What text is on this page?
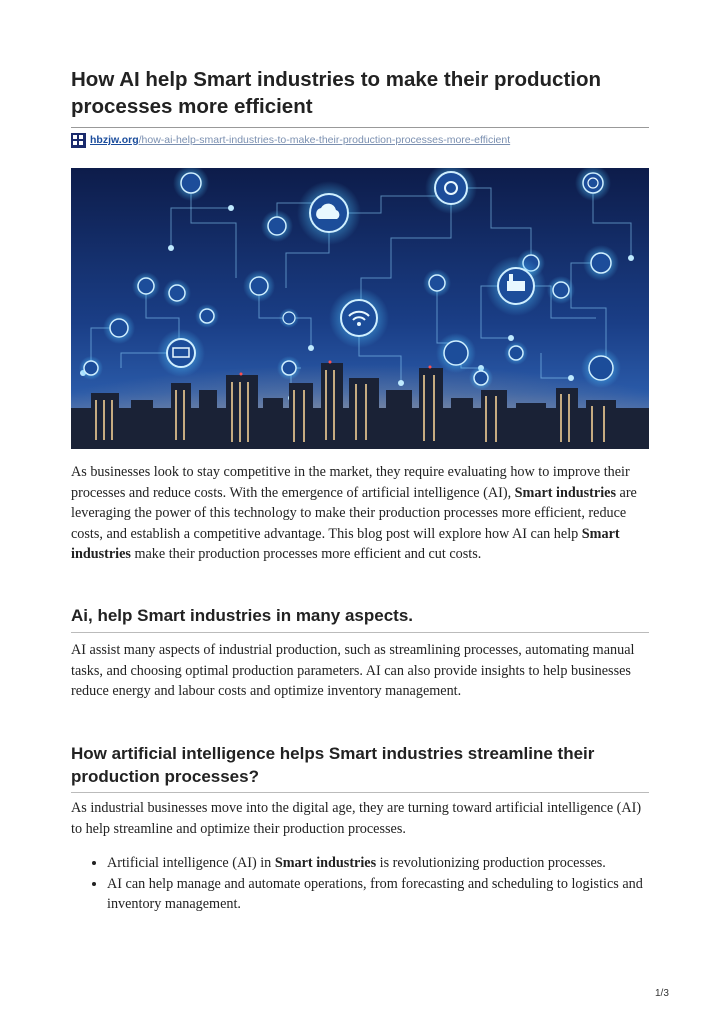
How AI help Smart industries to make their production processes more efficient
hbzjw.org /how-ai-help-smart-industries-to-make-their-production-processes-more-efficient

As businesses look to stay competitive in the market, they require evaluating how to improve their processes and reduce costs. With the emergence of artificial intelligence (AI), Smart industries are leveraging the power of this technology to make their production processes more efficient, reduce costs, and establish a competitive advantage. This blog post will explore how AI can help Smart industries make their production processes more efficient and cut costs.

Ai, help Smart industries in many aspects.

AI assist many aspects of industrial production, such as streamlining processes, automating manual tasks, and choosing optimal production parameters. AI can also provide insights to help businesses reduce energy and labour costs and optimize inventory management.

How artificial intelligence helps Smart industries streamline their production processes?

As industrial businesses move into the digital age, they are turning toward artificial intelligence (AI) to help streamline and optimize their production processes.

• Artificial intelligence (AI) in Smart industries is revolutionizing production processes.
• AI can help manage and automate operations, from forecasting and scheduling to logistics and inventory management.
1/3
